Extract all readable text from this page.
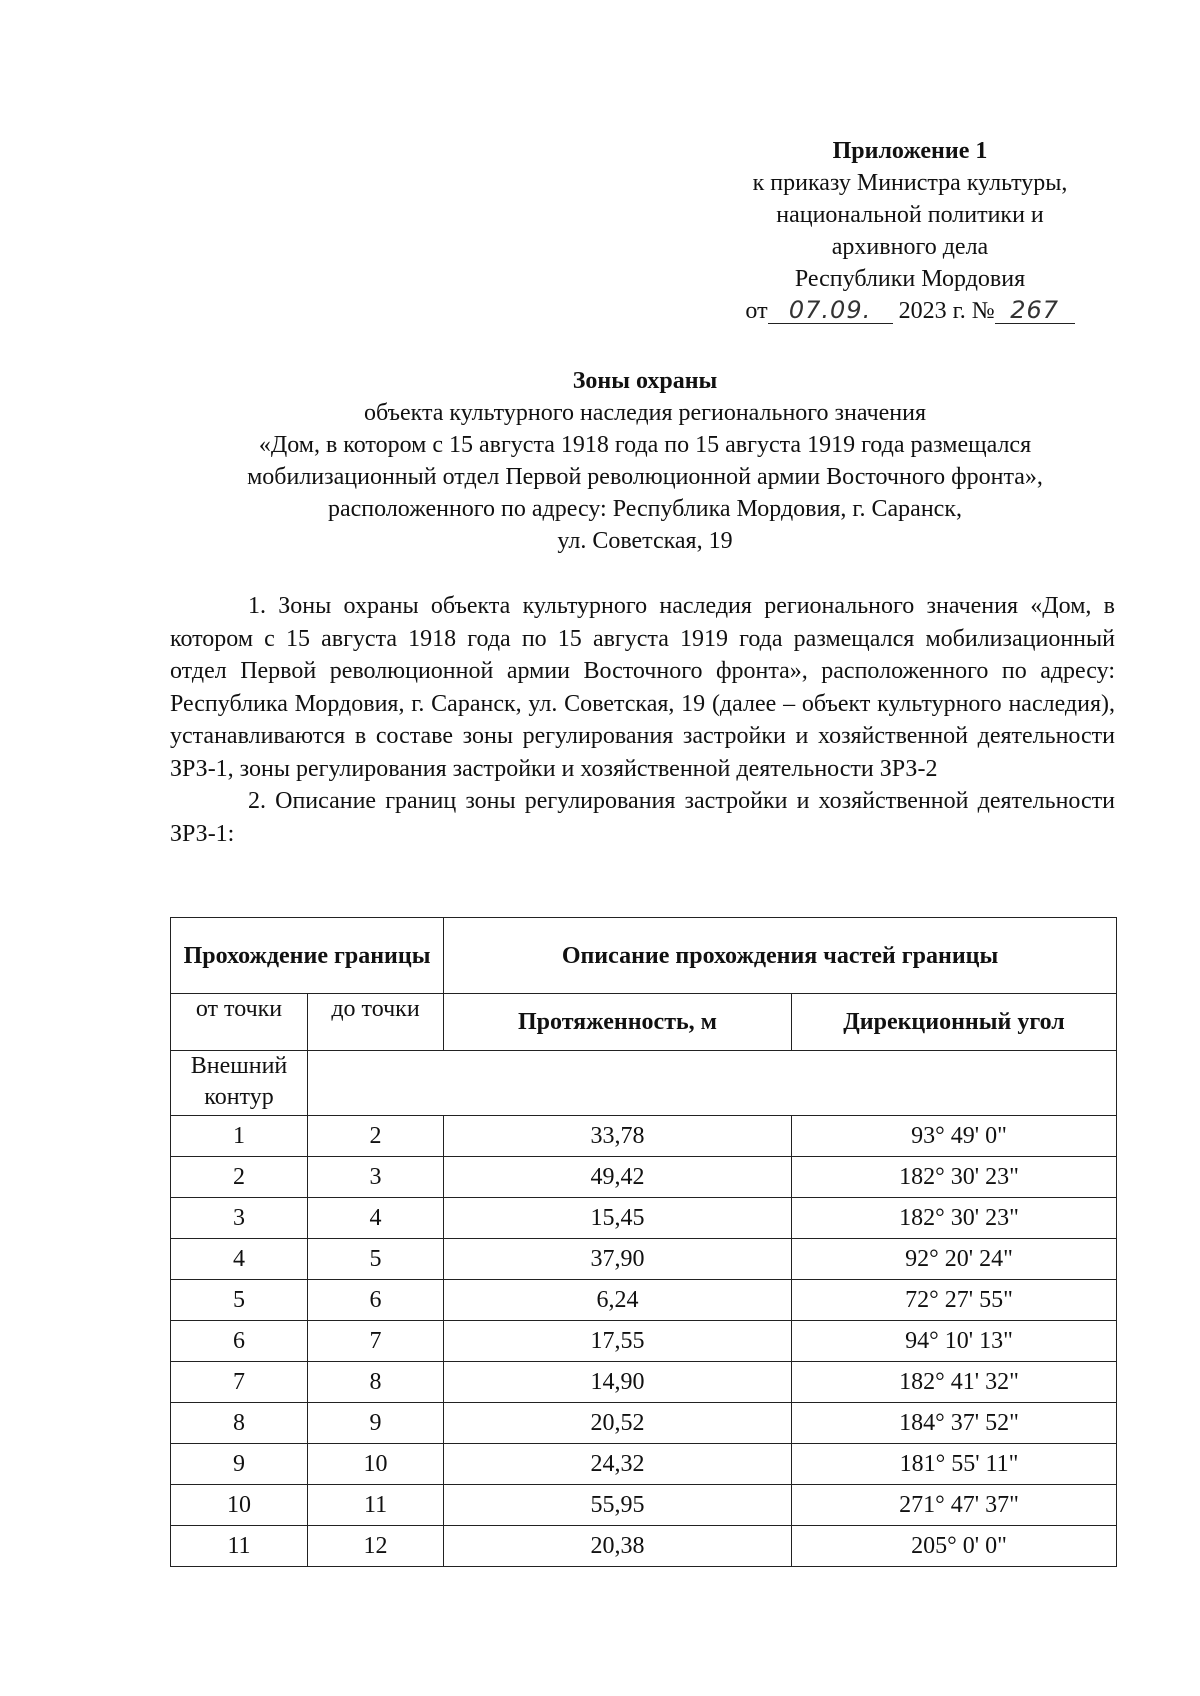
Приложение 1
к приказу Министра культуры,
национальной политики и
архивного дела
Республики Мордовия
от 07.09. 2023 г. № 267
Зоны охраны
объекта культурного наследия регионального значения
«Дом, в котором с 15 августа 1918 года по 15 августа 1919 года размещался
мобилизационный отдел Первой революционной армии Восточного фронта»,
расположенного по адресу: Республика Мордовия, г. Саранск,
ул. Советская, 19

1. Зоны охраны объекта культурного наследия регионального значения «Дом, в котором с 15 августа 1918 года по 15 августа 1919 года размещался мобилизационный отдел Первой революционной армии Восточного фронта», расположенного по адресу: Республика Мордовия, г. Саранск, ул. Советская, 19 (далее – объект культурного наследия), устанавливаются в составе зоны регулирования застройки и хозяйственной деятельности ЗРЗ-1, зоны регулирования застройки и хозяйственной деятельности ЗРЗ-2

2. Описание границ зоны регулирования застройки и хозяйственной деятельности ЗРЗ-1:

Прохождение границы		Описание прохождения частей границы	
от точки	до точки	Протяженность, м	Дирекционный угол
Внешний контур			
1	2	33,78	93° 49' 0"
2	3	49,42	182° 30' 23"
3	4	15,45	182° 30' 23"
4	5	37,90	92° 20' 24"
5	6	6,24	72° 27' 55"
6	7	17,55	94° 10' 13"
7	8	14,90	182° 41' 32"
8	9	20,52	184° 37' 52"
9	10	24,32	181° 55' 11"
10	11	55,95	271° 47' 37"
11	12	20,38	205° 0' 0"
